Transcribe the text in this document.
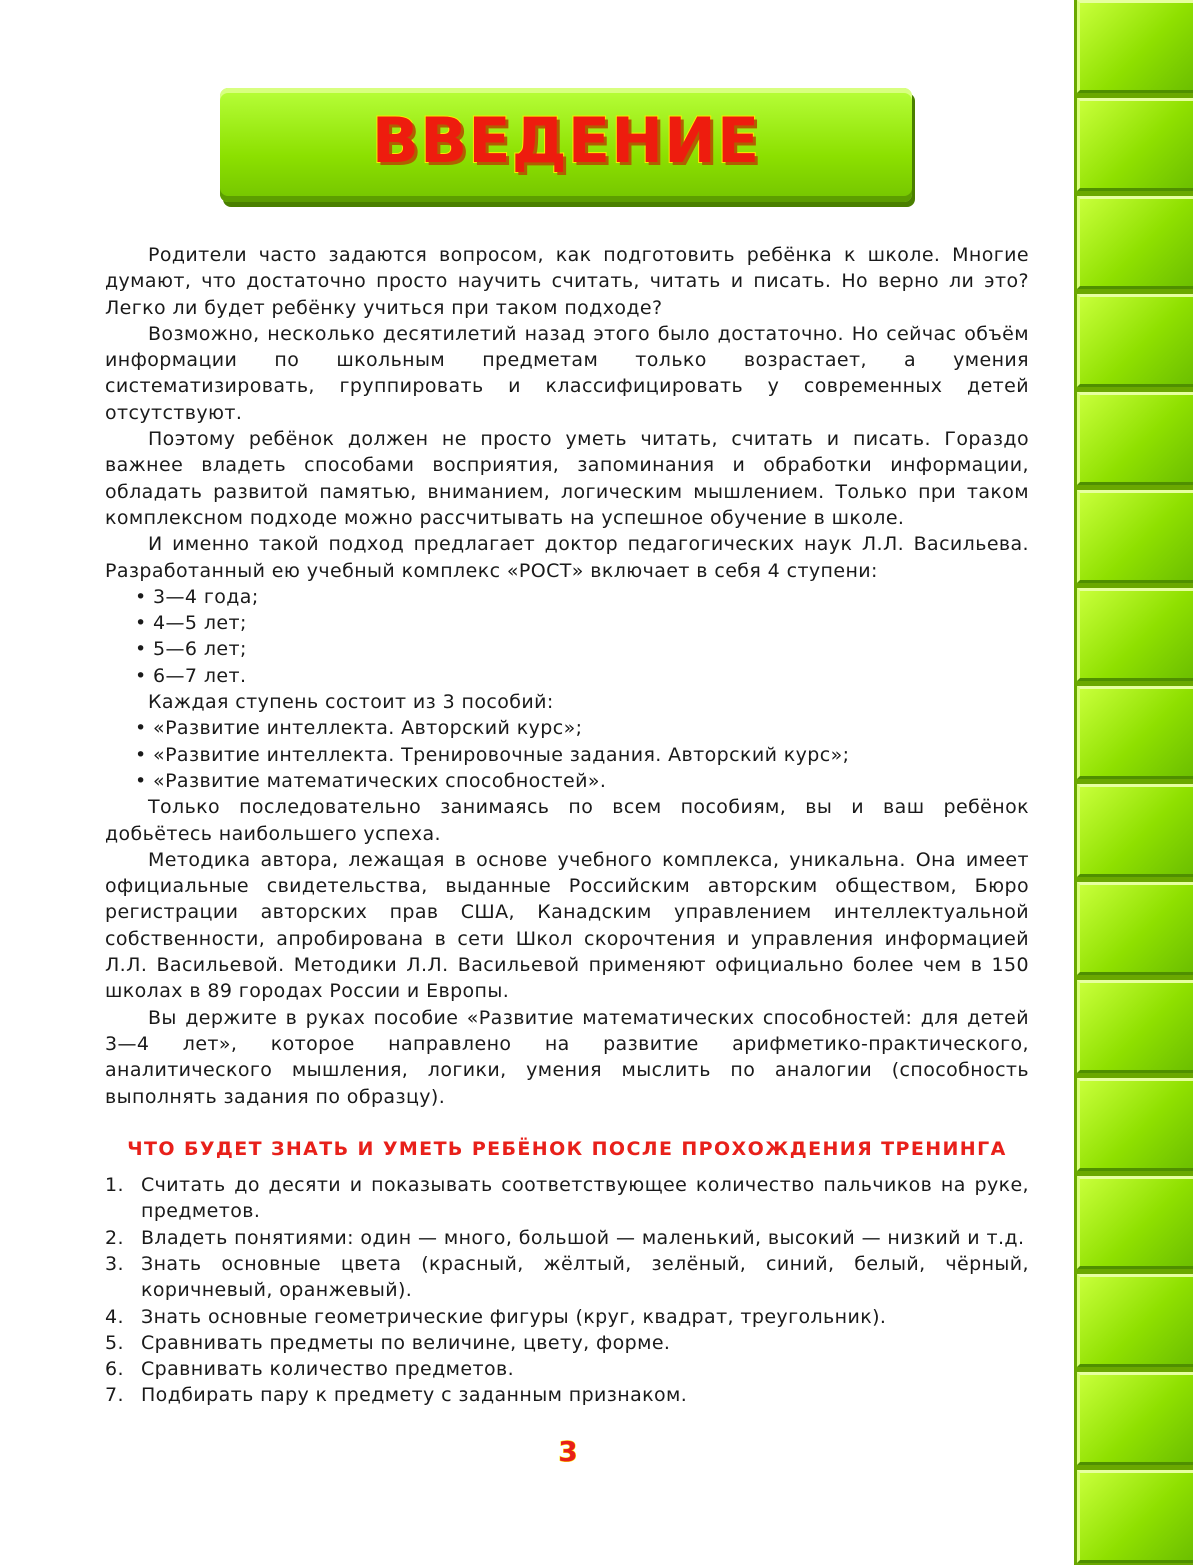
ВВЕДЕНИЕ

Родители часто задаются вопросом, как подготовить ребёнка к школе. Многие думают, что достаточно просто научить считать, читать и писать. Но верно ли это? Легко ли будет ребёнку учиться при таком подходе?

Возможно, несколько десятилетий назад этого было достаточно. Но сейчас объём информации по школьным предметам только возрастает, а умения систематизировать, группировать и классифицировать у современных детей отсутствуют.

Поэтому ребёнок должен не просто уметь читать, считать и писать. Гораздо важнее владеть способами восприятия, запоминания и обработки информации, обладать развитой памятью, вниманием, логическим мышлением. Только при таком комплексном подходе можно рассчитывать на успешное обучение в школе.

И именно такой подход предлагает доктор педагогических наук Л.Л. Васильева. Разработанный ею учебный комплекс «РОСТ» включает в себя 4 ступени:

• 3—4 года;

• 4—5 лет;

• 5—6 лет;

• 6—7 лет.

Каждая ступень состоит из 3 пособий:

• «Развитие интеллекта. Авторский курс»;

• «Развитие интеллекта. Тренировочные задания. Авторский курс»;

• «Развитие математических способностей».

Только последовательно занимаясь по всем пособиям, вы и ваш ребёнок добьётесь наибольшего успеха.

Методика автора, лежащая в основе учебного комплекса, уникальна. Она имеет официальные свидетельства, выданные Российским авторским обществом, Бюро регистрации авторских прав США, Канадским управлением интеллектуальной собственности, апробирована в сети Школ скорочтения и управления информацией Л.Л. Васильевой. Методики Л.Л. Васильевой применяют официально более чем в 150 школах в 89 городах России и Европы.

Вы держите в руках пособие «Развитие математических способностей: для детей 3—4 лет», которое направлено на развитие арифметико-практического, аналитического мышления, логики, умения мыслить по аналогии (способность выполнять задания по образцу).

ЧТО БУДЕТ ЗНАТЬ И УМЕТЬ РЕБЁНОК ПОСЛЕ ПРОХОЖДЕНИЯ ТРЕНИНГА
1. Считать до десяти и показывать соответствующее количество пальчиков на руке, предметов.
2. Владеть понятиями: один — много, большой — маленький, высокий — низкий и т.д.
3. Знать основные цвета (красный, жёлтый, зелёный, синий, белый, чёрный, коричневый, оранжевый).
4. Знать основные геометрические фигуры (круг, квадрат, треугольник).
5. Сравнивать предметы по величине, цвету, форме.
6. Сравнивать количество предметов.
7. Подбирать пару к предмету с заданным признаком.
3
